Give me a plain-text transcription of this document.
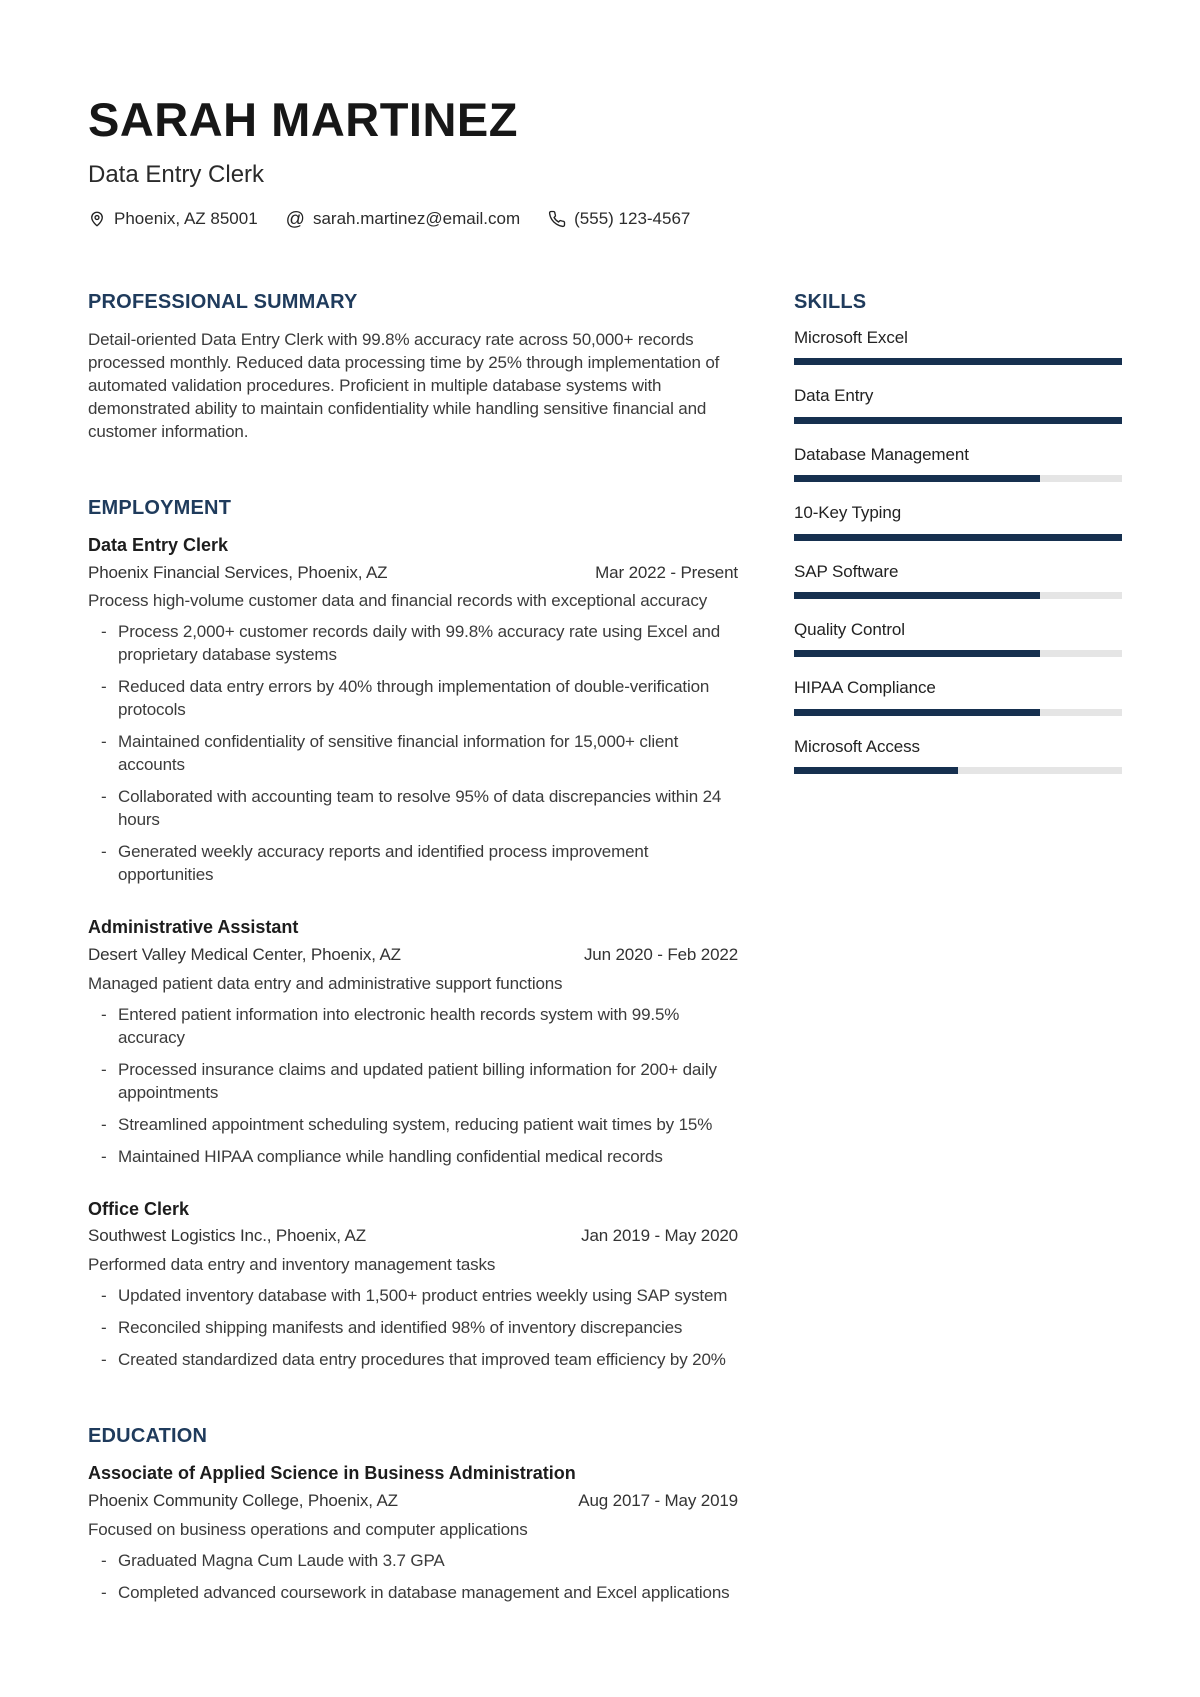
SARAH MARTINEZ
Data Entry Clerk
Phoenix, AZ 85001 @ sarah.martinez@email.com	(555) 123-4567
PROFESSIONAL SUMMARY

Detail-oriented Data Entry Clerk with 99.8% accuracy rate across 50,000+ records processed monthly. Reduced data processing time by 25% through implementation of automated validation procedures. Proficient in multiple database systems with demonstrated ability to maintain confidentiality while handling sensitive financial and customer information.

EMPLOYMENT
Data Entry Clerk
Phoenix Financial Services, Phoenix, AZ	Mar 2022 - Present
Process high-volume customer data and financial records with exceptional accuracy
- Process 2,000+ customer records daily with 99.8% accuracy rate using Excel and proprietary database systems
- Reduced data entry errors by 40% through implementation of double-verification protocols
- Maintained confidentiality of sensitive financial information for 15,000+ client accounts
- Collaborated with accounting team to resolve 95% of data discrepancies within 24 hours
- Generated weekly accuracy reports and identified process improvement opportunities
Administrative Assistant
Desert Valley Medical Center, Phoenix, AZ	Jun 2020 - Feb 2022
Managed patient data entry and administrative support functions
- Entered patient information into electronic health records system with 99.5% accuracy
- Processed insurance claims and updated patient billing information for 200+ daily appointments
- Streamlined appointment scheduling system, reducing patient wait times by 15%
- Maintained HIPAA compliance while handling confidential medical records
Office Clerk
Southwest Logistics Inc., Phoenix, AZ	Jan 2019 - May 2020
Performed data entry and inventory management tasks
- Updated inventory database with 1,500+ product entries weekly using SAP system
- Reconciled shipping manifests and identified 98% of inventory discrepancies
- Created standardized data entry procedures that improved team efficiency by 20%
EDUCATION
Associate of Applied Science in Business Administration
Phoenix Community College, Phoenix, AZ	Aug 2017 - May 2019
Focused on business operations and computer applications
- Graduated Magna Cum Laude with 3.7 GPA
- Completed advanced coursework in database management and Excel applications
SKILLS
Microsoft Excel
Data Entry
Database Management
10-Key Typing
SAP Software
Quality Control
HIPAA Compliance
Microsoft Access
